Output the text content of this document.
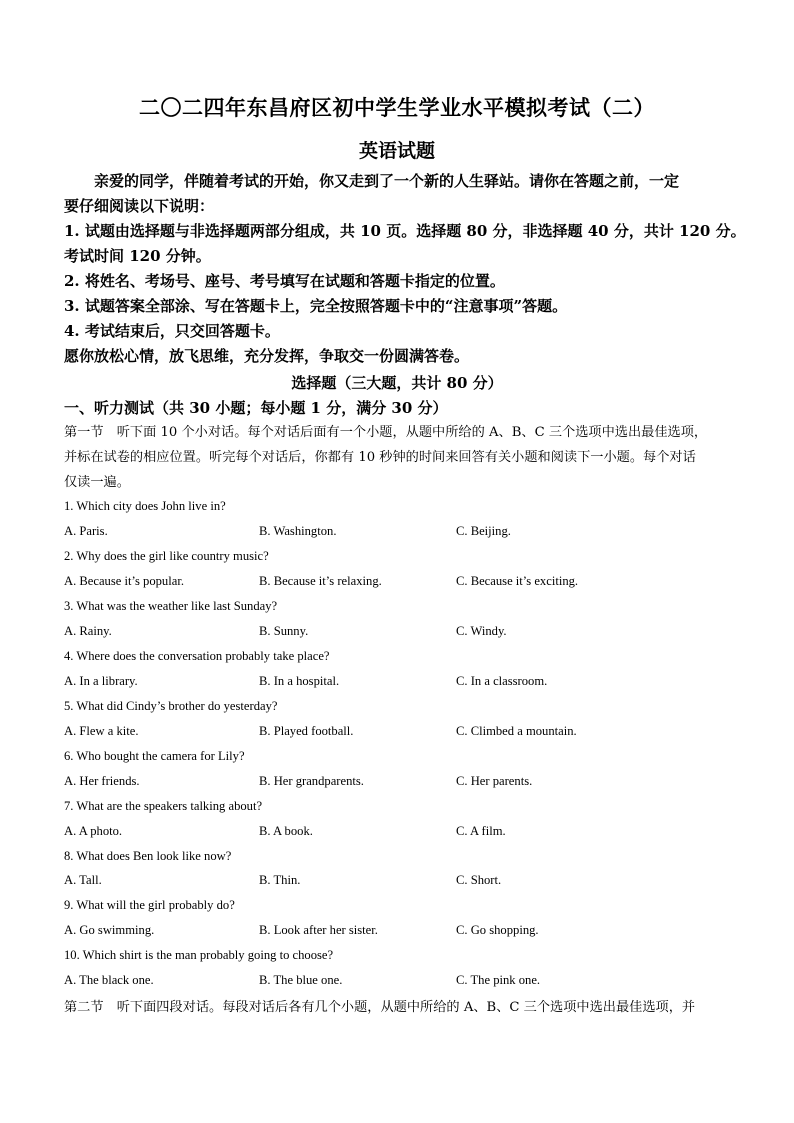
二〇二四年东昌府区初中学生学业水平模拟考试（二）
英语试题
　　亲爱的同学，伴随着考试的开始，你又走到了一个新的人生驿站。请你在答题之前，一定
要仔细阅读以下说明：
1. 试题由选择题与非选择题两部分组成，共 10 页。选择题 80 分，非选择题 40 分，共计 120 分。
考试时间 120 分钟。
2. 将姓名、考场号、座号、考号填写在试题和答题卡指定的位置。
3. 试题答案全部涂、写在答题卡上，完全按照答题卡中的“注意事项”答题。
4. 考试结束后，只交回答题卡。
愿你放松心情，放飞思维，充分发挥，争取交一份圆满答卷。
选择题（三大题，共计 80 分）
一、听力测试（共 30 小题；每小题 1 分，满分 30 分）
第一节　听下面 10 个小对话。每个对话后面有一个小题，从题中所给的 A、B、C 三个选项中选出最佳选项，
并标在试卷的相应位置。听完每个对话后，你都有 10 秒钟的时间来回答有关小题和阅读下一小题。每个对话
仅读一遍。
1. Which city does John live in?
A. Paris.	B. Washington.	C. Beijing.
2. Why does the girl like country music?
A. Because it’s popular.	B. Because it’s relaxing.	C. Because it’s exciting.
3. What was the weather like last Sunday?
A. Rainy.	B. Sunny.	C. Windy.
4. Where does the conversation probably take place?
A. In a library.	B. In a hospital.	C. In a classroom.
5. What did Cindy’s brother do yesterday?
A. Flew a kite.	B. Played football.	C. Climbed a mountain.
6. Who bought the camera for Lily?
A. Her friends.	B. Her grandparents.	C. Her parents.
7. What are the speakers talking about?
A. A photo.	B. A book.	C. A film.
8. What does Ben look like now?
A. Tall.	B. Thin.	C. Short.
9. What will the girl probably do?
A. Go swimming.	B. Look after her sister.	C. Go shopping.
10. Which shirt is the man probably going to choose?
A. The black one.	B. The blue one.	C. The pink one.
第二节　听下面四段对话。每段对话后各有几个小题，从题中所给的 A、B、C 三个选项中选出最佳选项，并
